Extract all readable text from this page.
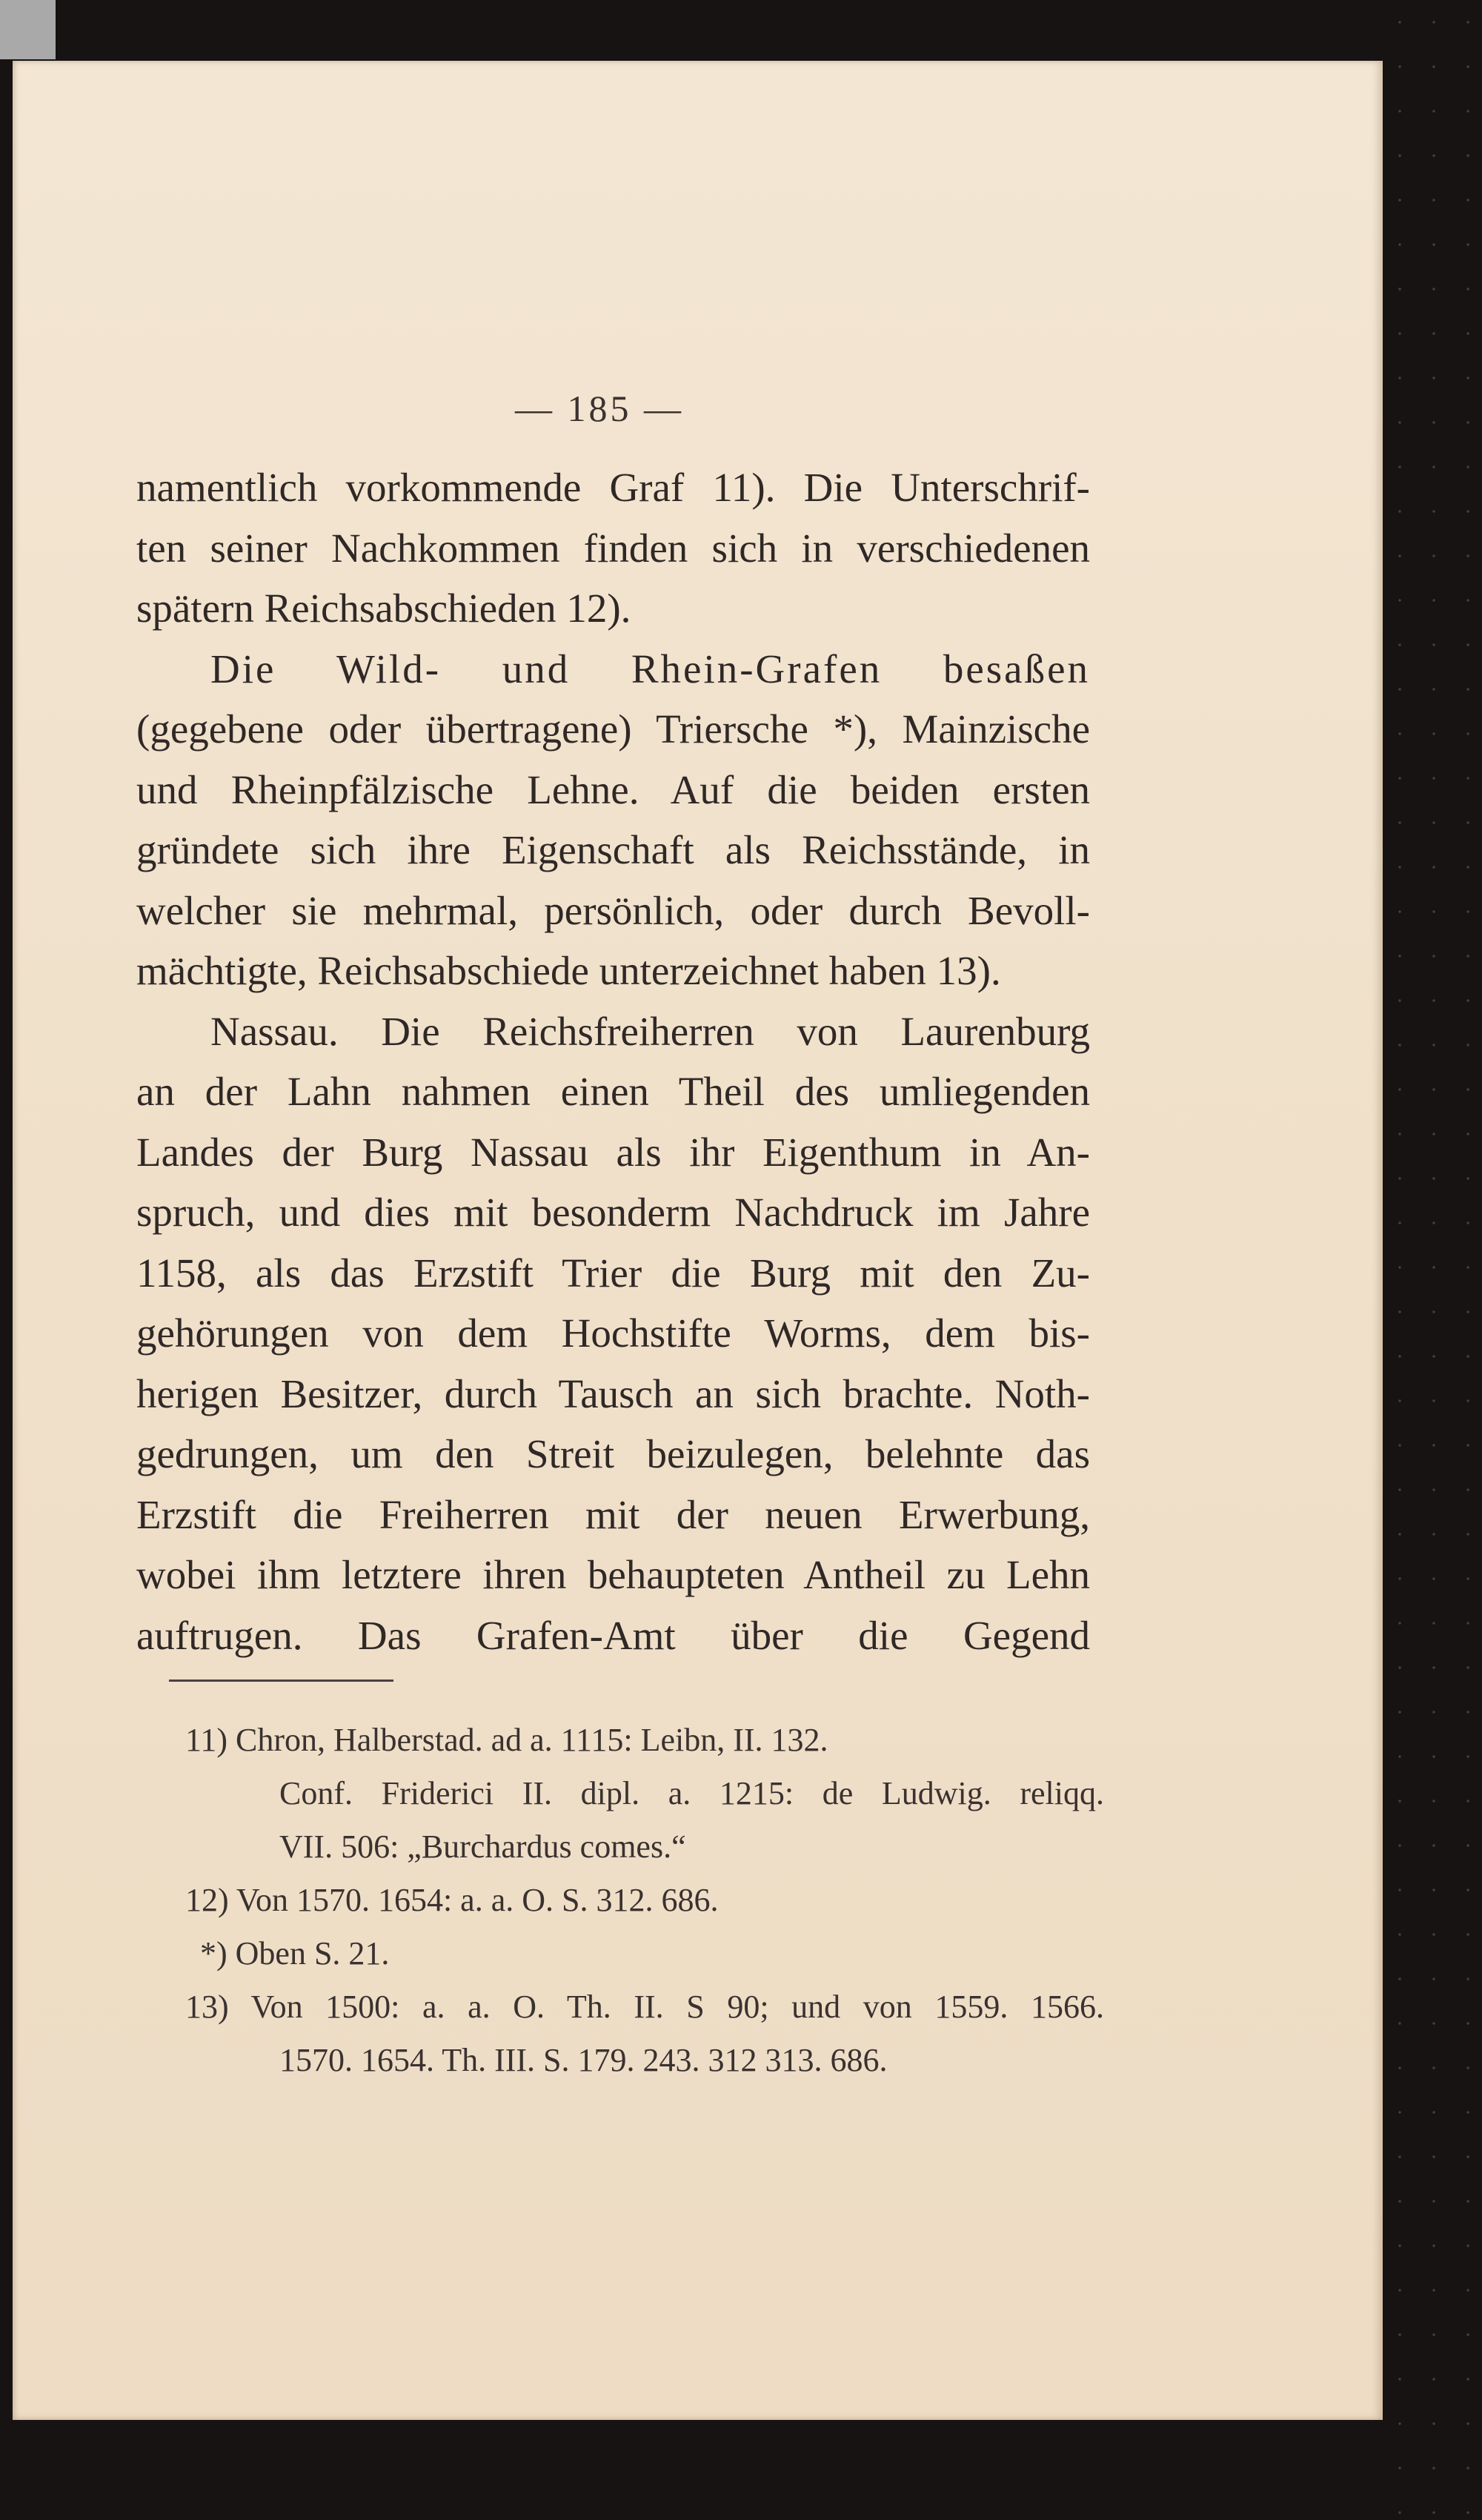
— 185 —
namentlich vorkommende Graf 11). Die Unterschrif-
ten seiner Nachkommen finden sich in verschiedenen
spätern Reichsabschieden 12).
Die Wild- und Rhein-Grafen besaßen
(gegebene oder übertragene) Triersche *), Mainzische
und Rheinpfälzische Lehne. Auf die beiden ersten
gründete sich ihre Eigenschaft als Reichsstände, in
welcher sie mehrmal, persönlich, oder durch Bevoll-
mächtigte, Reichsabschiede unterzeichnet haben 13).
Nassau. Die Reichsfreiherren von Laurenburg
an der Lahn nahmen einen Theil des umliegenden
Landes der Burg Nassau als ihr Eigenthum in An-
spruch, und dies mit besonderm Nachdruck im Jahre
1158, als das Erzstift Trier die Burg mit den Zu-
gehörungen von dem Hochstifte Worms, dem bis-
herigen Besitzer, durch Tausch an sich brachte. Noth-
gedrungen, um den Streit beizulegen, belehnte das
Erzstift die Freiherren mit der neuen Erwerbung,
wobei ihm letztere ihren behaupteten Antheil zu Lehn
auftrugen. Das Grafen-Amt über die Gegend
11) Chron, Halberstad. ad a. 1115: Leibn, II. 132.
Conf. Friderici II. dipl. a. 1215: de Ludwig. reliqq.
VII. 506: „Burchardus comes.“
12) Von 1570. 1654: a. a. O. S. 312. 686.
*) Oben S. 21.
13) Von 1500: a. a. O. Th. II. S 90; und von 1559. 1566.
1570. 1654. Th. III. S. 179. 243. 312 313. 686.
